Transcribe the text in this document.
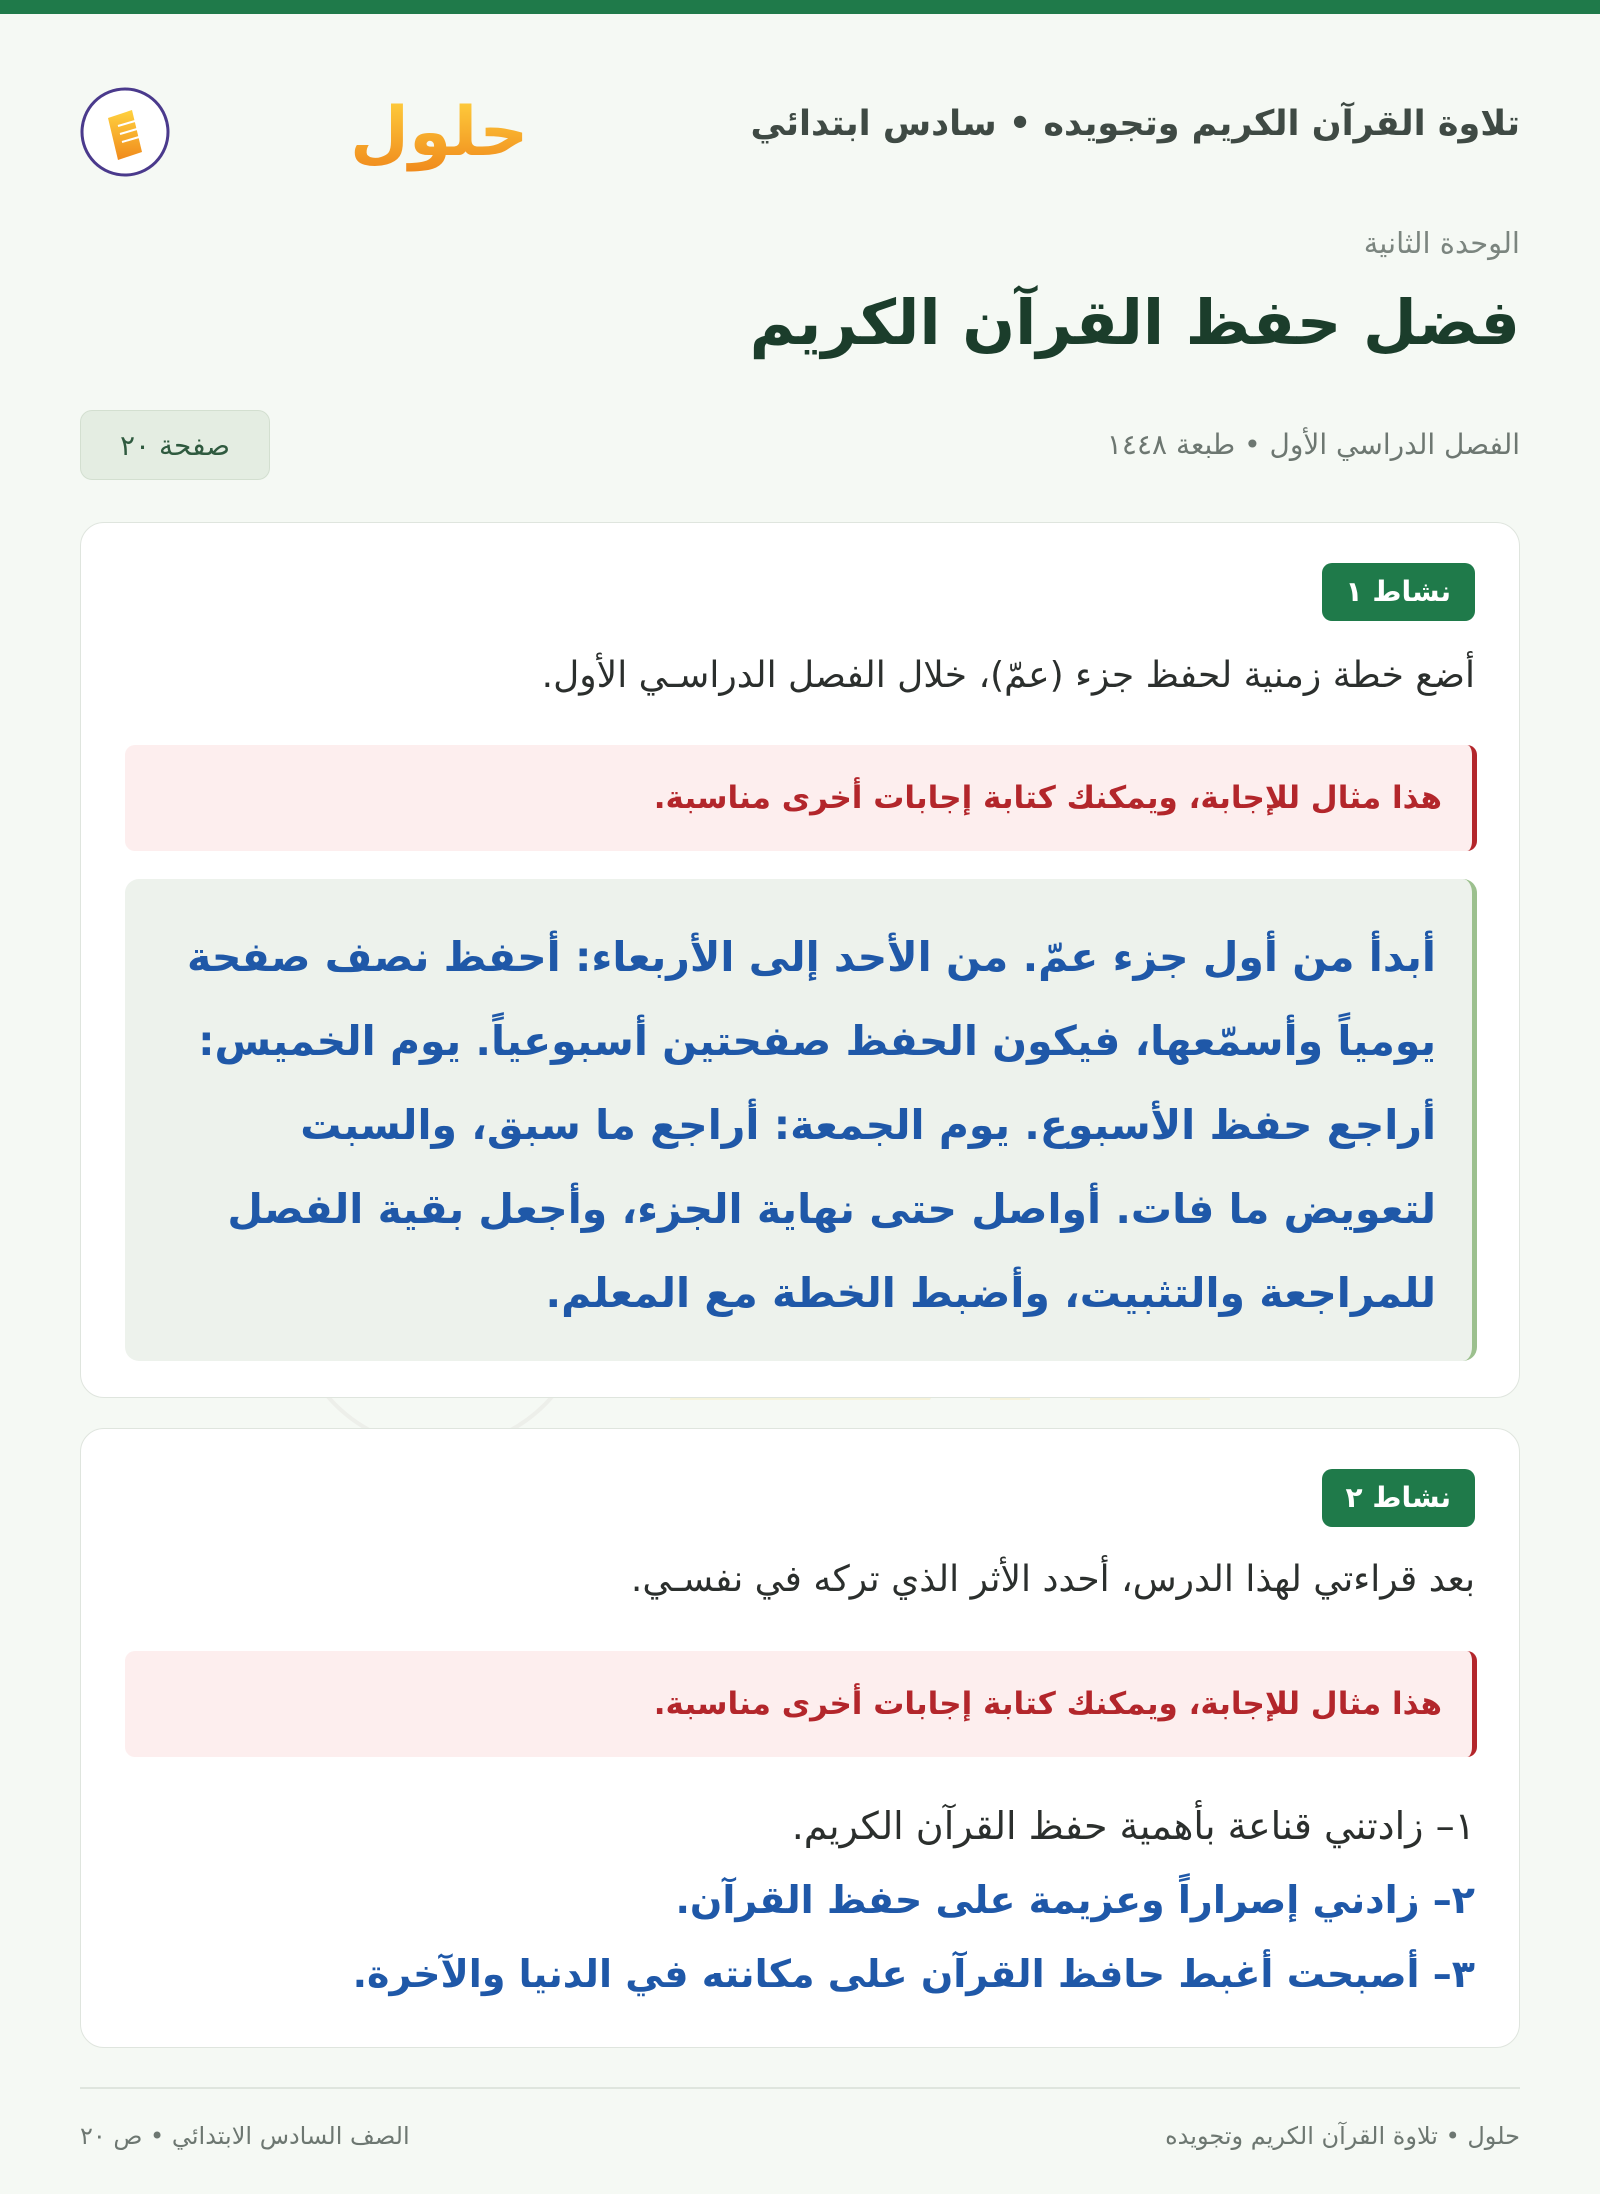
تلاوة القرآن الكريم وتجويده • سادس ابتدائي
حلول
الوحدة الثانية
فضل حفظ القرآن الكريم
الفصل الدراسي الأول • طبعة ١٤٤٨
صفحة ٢٠
نشاط ١
أضع خطة زمنية لحفظ جزء (عمّ)، خلال الفصل الدراسـي الأول.
هذا مثال للإجابة، ويمكنك كتابة إجابات أخرى مناسبة.
أبدأ من أول جزء عمّ. من الأحد إلى الأربعاء: أحفظ نصف صفحة يومياً وأسمّعها، فيكون الحفظ صفحتين أسبوعياً. يوم الخميس: أراجع حفظ الأسبوع. يوم الجمعة: أراجع ما سبق، والسبت لتعويض ما فات. أواصل حتى نهاية الجزء، وأجعل بقية الفصل للمراجعة والتثبيت، وأضبط الخطة مع المعلم.
نشاط ٢
بعد قراءتي لهذا الدرس، أحدد الأثر الذي تركه في نفسـي.
هذا مثال للإجابة، ويمكنك كتابة إجابات أخرى مناسبة.
١– زادتني قناعة بأهمية حفظ القرآن الكريم.
٢– زادني إصراراً وعزيمة على حفظ القرآن.
٣– أصبحت أغبط حافظ القرآن على مكانته في الدنيا والآخرة.
حلول • تلاوة القرآن الكريم وتجويده
الصف السادس الابتدائي • ص ٢٠
